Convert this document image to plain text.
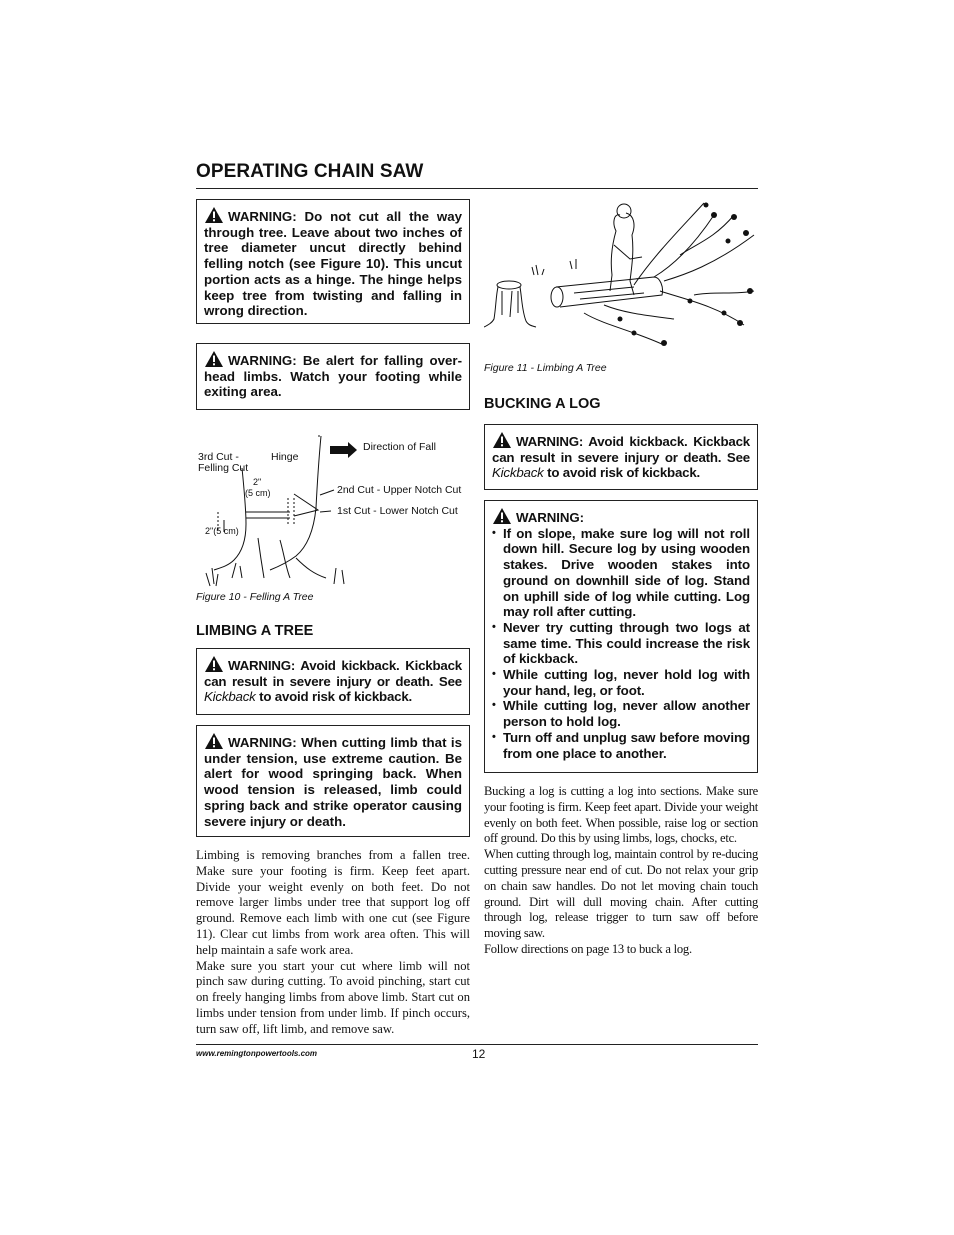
OPERATING CHAIN SAW
WARNING: Do not cut all the way through tree. Leave about two inches of tree diameter uncut directly behind felling notch (see Figure 10). This uncut portion acts as a hinge. The hinge helps keep tree from twisting and falling in wrong direction.
WARNING: Be alert for falling over-head limbs. Watch your footing while exiting area.
3rd Cut -
Felling Cut
Hinge
Direction of Fall
2"
(5 cm)
2"(5 cm)
2nd Cut - Upper Notch Cut
1st Cut - Lower Notch Cut
Figure 10 - Felling A Tree
LIMBING A TREE
WARNING: Avoid kickback. Kickback can result in severe injury or death. See Kickback to avoid risk of kickback.
WARNING: When cutting limb that is under tension, use extreme caution. Be alert for wood springing back. When wood tension is released, limb could spring back and strike operator causing severe injury or death.

Limbing is removing branches from a fallen tree. Make sure your footing is firm. Keep feet apart. Divide your weight evenly on both feet. Do not remove larger limbs under tree that support log off ground. Remove each limb with one cut (see Figure 11). Clear cut limbs from work area often. This will help maintain a safe work area.

Make sure you start your cut where limb will not pinch saw during cutting. To avoid pinching, start cut on freely hanging limbs from above limb. Start cut on limbs under tension from under limb. If pinch occurs, turn saw off, lift limb, and remove saw.

Figure 11 - Limbing A Tree
BUCKING A LOG
WARNING: Avoid kickback. Kickback can result in severe injury or death. See Kickback to avoid risk of kickback.
WARNING:
• If on slope, make sure log will not roll down hill. Secure log by using wooden stakes. Drive wooden stakes into ground on downhill side of log. Stand on uphill side of log while cutting. Log may roll after cutting.
• Never try cutting through two logs at same time. This could increase the risk of kickback.
• While cutting log, never hold log with your hand, leg, or foot.
• While cutting log, never allow another person to hold log.
• Turn off and unplug saw before moving from one place to another.

Bucking a log is cutting a log into sections. Make sure your footing is firm. Keep feet apart. Divide your weight evenly on both feet. When possible, raise log or section off ground. Do this by using limbs, logs, chocks, etc.

When cutting through log, maintain control by re-ducing cutting pressure near end of cut. Do not relax your grip on chain saw handles. Do not let moving chain touch ground. Dirt will dull moving chain. After cutting through log, release trigger to turn saw off before moving saw.

Follow directions on page 13 to buck a log.

www.remingtonpowertools.com	12
